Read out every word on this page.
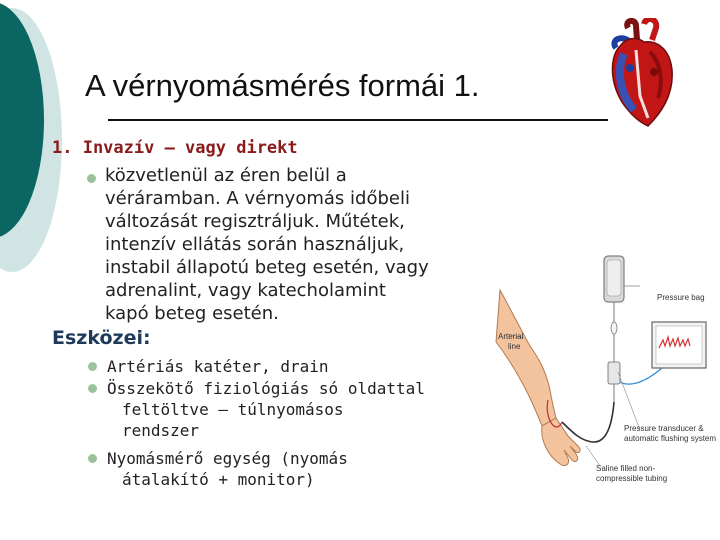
A vérnyomásmérés formái 1.
1. Invazív – vagy direkt
közvetlenül az éren belül a
véráramban. A vérnyomás időbeli
változását regisztráljuk. Műtétek,
intenzív ellátás során használjuk,
instabil állapotú beteg esetén, vagy
adrenalint, vagy katecholamint
kapó beteg esetén.
Eszközei:
Artériás katéter, drain
Összekötő fiziológiás só oldattal
feltöltve – túlnyomásos
rendszer
Nyomásmérő egység (nyomás
átalakító + monitor)
Pressure bag
Arterial
line
Pressure transducer &
automatic flushing system
Saline filled non-
compressible tubing
